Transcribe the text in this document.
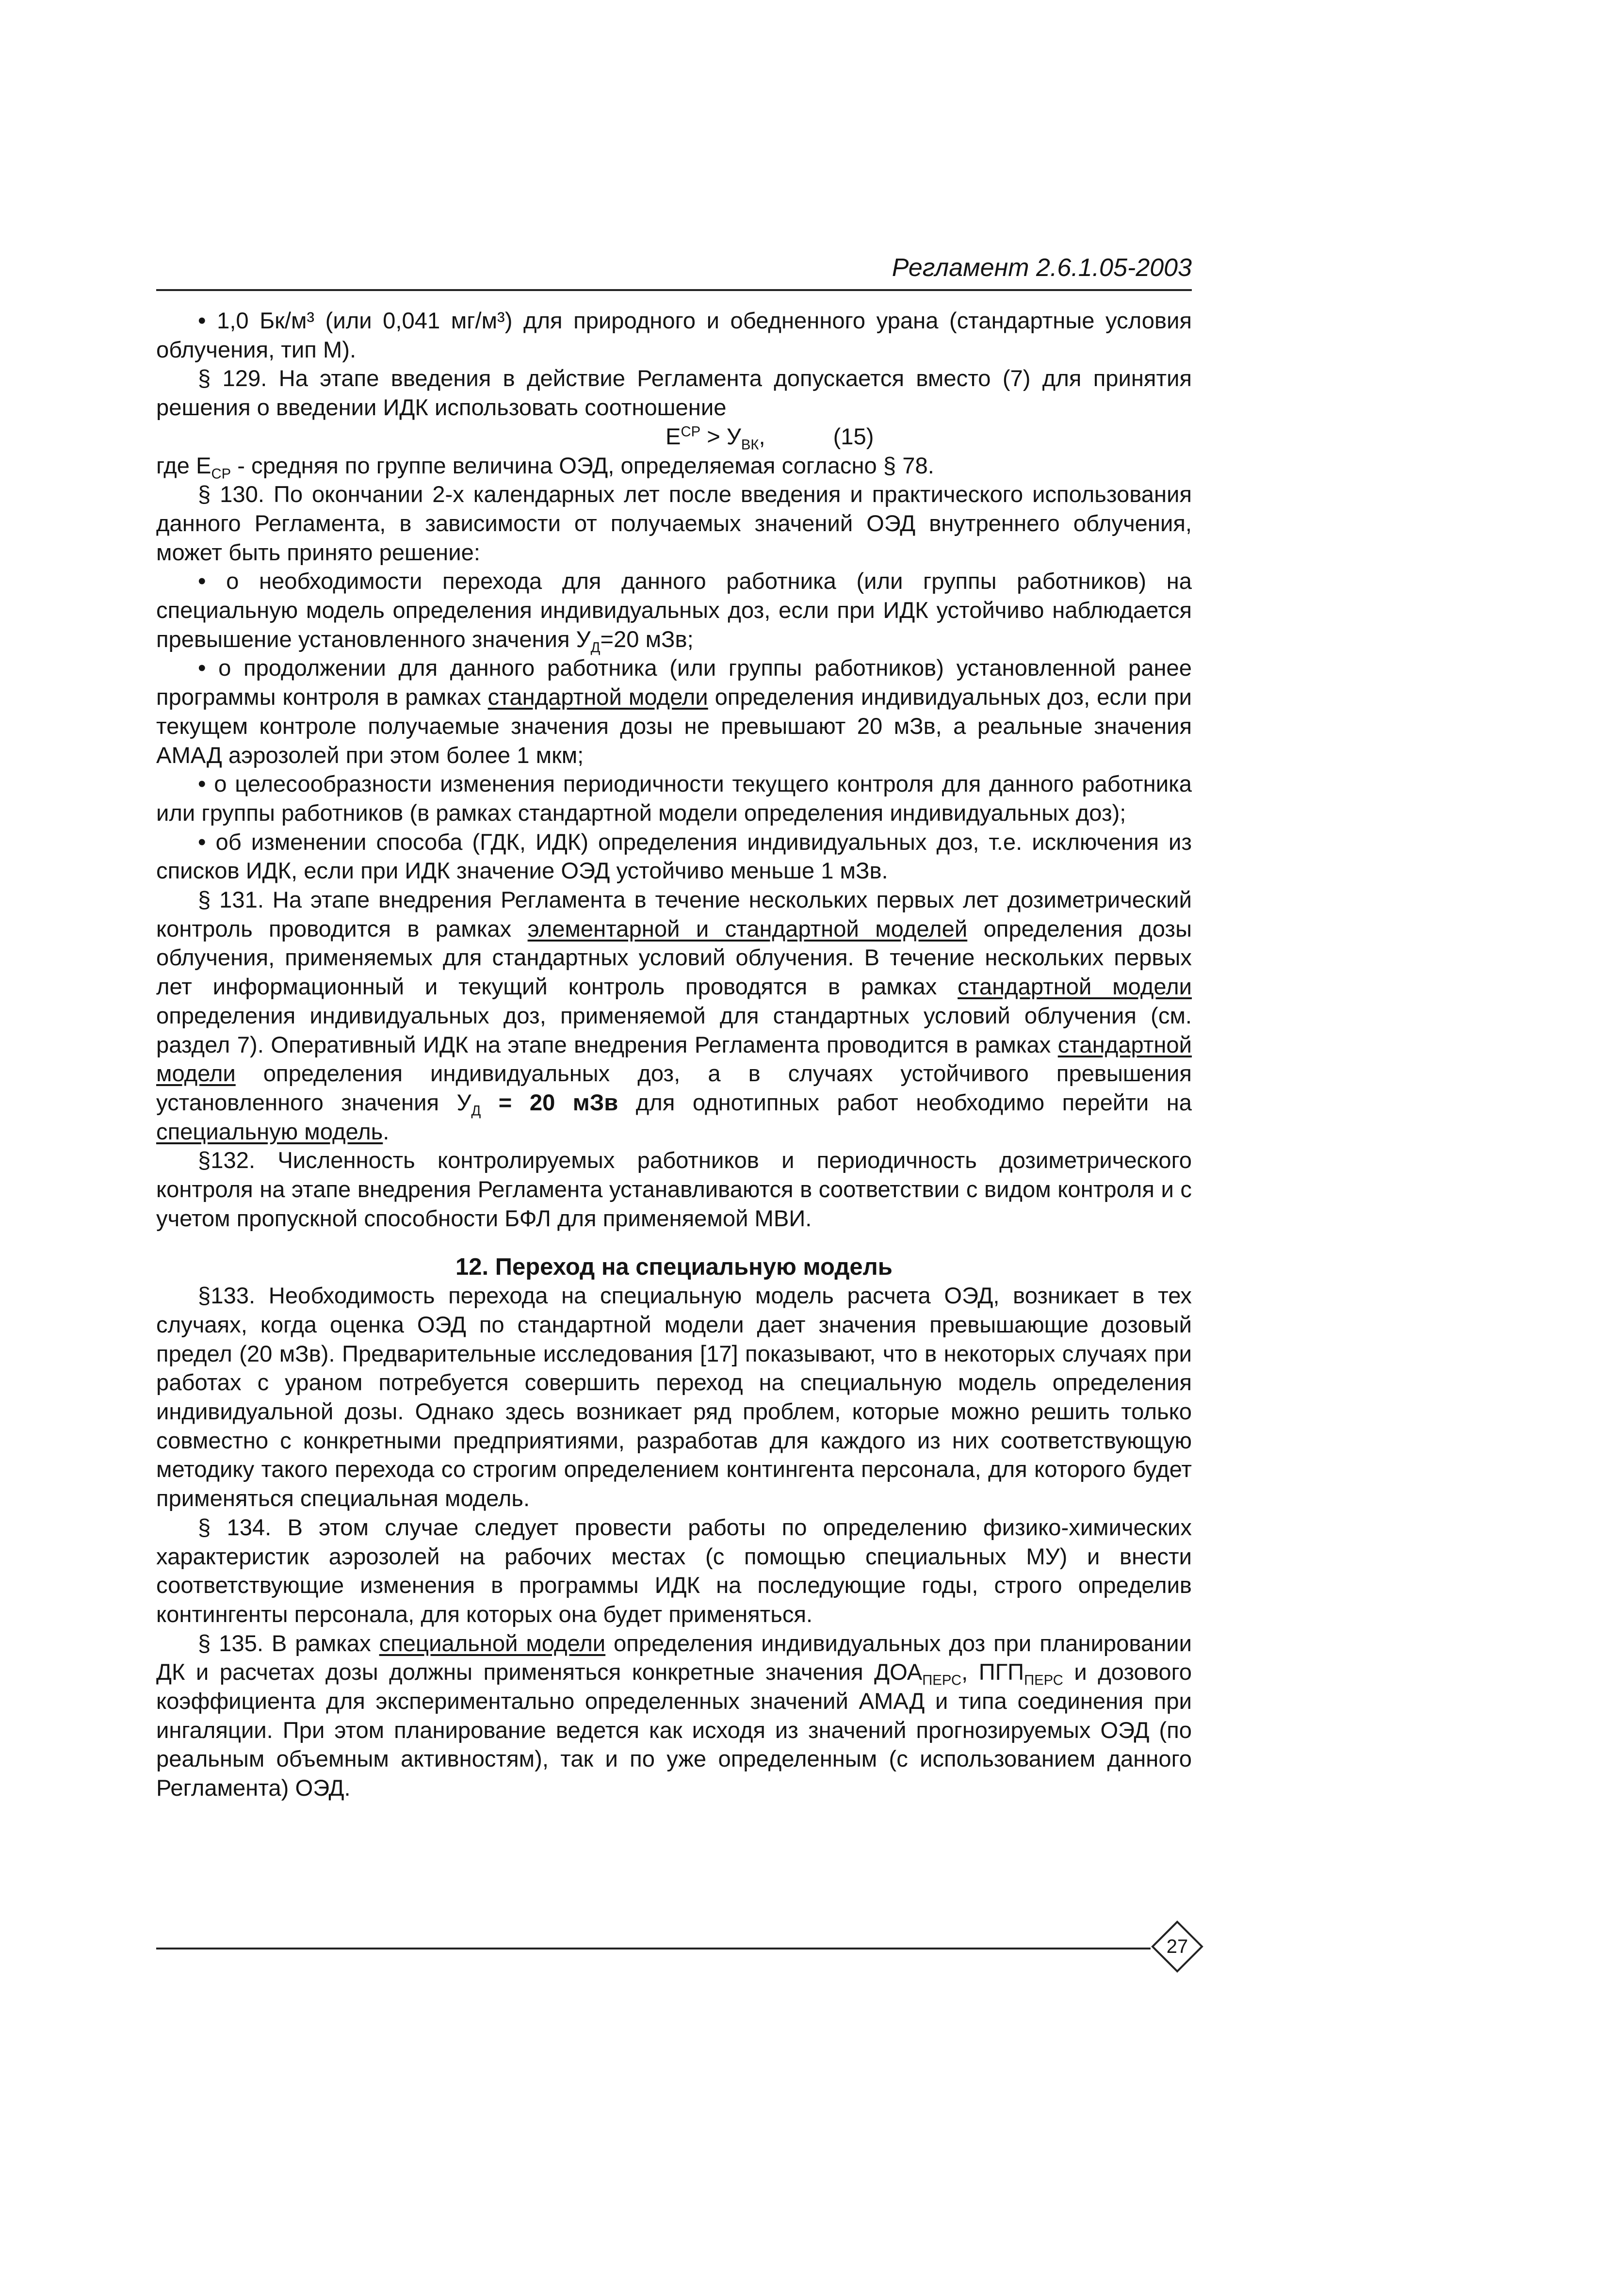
Регламент 2.6.1.05-2003

• 1,0 Бк/м³ (или 0,041 мг/м³) для природного и обедненного урана (стандартные условия облучения, тип М).

§ 129. На этапе введения в действие Регламента допускается вместо (7) для принятия решения о введении ИДК использовать соотношение

$Е^{СР} > У_{ВК}$,	(15)

где $Е_{СР}$ - средняя по группе величина ОЭД, определяемая согласно § 78.

§ 130. По окончании 2-х календарных лет после введения и практического использования данного Регламента, в зависимости от получаемых значений ОЭД внутреннего облучения, может быть принято решение:

• о необходимости перехода для данного работника (или группы работников) на специальную модель определения индивидуальных доз, если при ИДК устойчиво наблюдается превышение установленного значения $У_Д=20$ мЗв;

• о продолжении для данного работника (или группы работников) установленной ранее программы контроля в рамках стандартной модели определения индивидуальных доз, если при текущем контроле получаемые значения дозы не превышают 20 мЗв, а реальные значения АМАД аэрозолей при этом более 1 мкм;

• о целесообразности изменения периодичности текущего контроля для данного работника или группы работников (в рамках стандартной модели определения индивидуальных доз);

• об изменении способа (ГДК, ИДК) определения индивидуальных доз, т.е. исключения из списков ИДК, если при ИДК значение ОЭД устойчиво меньше 1 мЗв.

§ 131. На этапе внедрения Регламента в течение нескольких первых лет дозиметрический контроль проводится в рамках элементарной и стандартной моделей определения дозы облучения, применяемых для стандартных условий облучения. В течение нескольких первых лет информационный и текущий контроль проводятся в рамках стандартной модели определения индивидуальных доз, применяемой для стандартных условий облучения (см. раздел 7). Оперативный ИДК на этапе внедрения Регламента проводится в рамках стандартной модели определения индивидуальных доз, а в случаях устойчивого превышения установленного значения $У_Д = 20$ мЗв для однотипных работ необходимо перейти на специальную модель.

§132. Численность контролируемых работников и периодичность дозиметрического контроля на этапе внедрения Регламента устанавливаются в соответствии с видом контроля и с учетом пропускной способности БФЛ для применяемой МВИ.

12. Переход на специальную модель

§133. Необходимость перехода на специальную модель расчета ОЭД, возникает в тех случаях, когда оценка ОЭД по стандартной модели дает значения превышающие дозовый предел (20 мЗв). Предварительные исследования [17] показывают, что в некоторых случаях при работах с ураном потребуется совершить переход на специальную модель определения индивидуальной дозы. Однако здесь возникает ряд проблем, которые можно решить только совместно с конкретными предприятиями, разработав для каждого из них соответствующую методику такого перехода со строгим определением контингента персонала, для которого будет применяться специальная модель.

§ 134. В этом случае следует провести работы по определению физико-химических характеристик аэрозолей на рабочих местах (с помощью специальных МУ) и внести соответствующие изменения в программы ИДК на последующие годы, строго определив контингенты персонала, для которых она будет применяться.

§ 135. В рамках специальной модели определения индивидуальных доз при планировании ДК и расчетах дозы должны применяться конкретные значения $ДОА_{ПЕРС}$, $ПГП_{ПЕРС}$ и дозового коэффициента для экспериментально определенных значений АМАД и типа соединения при ингаляции. При этом планирование ведется как исходя из значений прогнозируемых ОЭД (по реальным объемным активностям), так и по уже определенным (с использованием данного Регламента) ОЭД.

27
